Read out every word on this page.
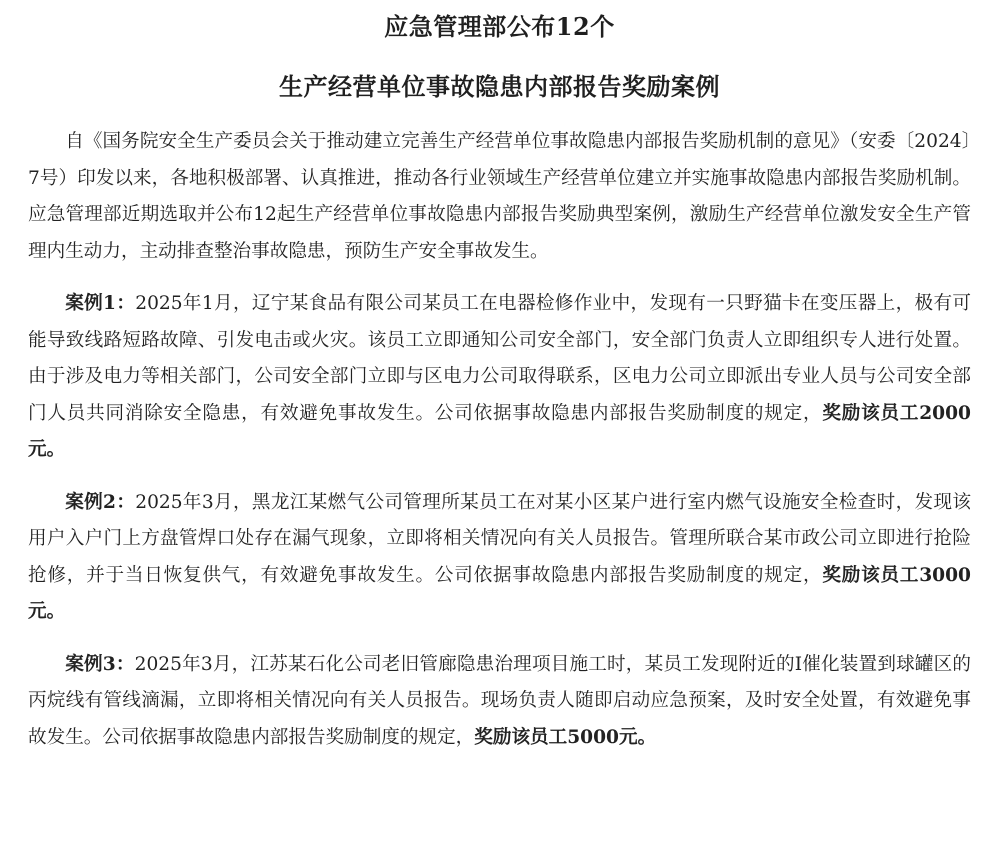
应急管理部公布12个
生产经营单位事故隐患内部报告奖励案例

自《国务院安全生产委员会关于推动建立完善生产经营单位事故隐患内部报告奖励机制的意见》（安委〔2024〕7号）印发以来，各地积极部署、认真推进，推动各行业领域生产经营单位建立并实施事故隐患内部报告奖励机制。应急管理部近期选取并公布12起生产经营单位事故隐患内部报告奖励典型案例，激励生产经营单位激发安全生产管理内生动力，主动排查整治事故隐患，预防生产安全事故发生。

案例1：2025年1月，辽宁某食品有限公司某员工在电器检修作业中，发现有一只野猫卡在变压器上，极有可能导致线路短路故障、引发电击或火灾。该员工立即通知公司安全部门，安全部门负责人立即组织专人进行处置。由于涉及电力等相关部门，公司安全部门立即与区电力公司取得联系，区电力公司立即派出专业人员与公司安全部门人员共同消除安全隐患，有效避免事故发生。公司依据事故隐患内部报告奖励制度的规定，奖励该员工2000元。

案例2：2025年3月，黑龙江某燃气公司管理所某员工在对某小区某户进行室内燃气设施安全检查时，发现该用户入户门上方盘管焊口处存在漏气现象，立即将相关情况向有关人员报告。管理所联合某市政公司立即进行抢险抢修，并于当日恢复供气，有效避免事故发生。公司依据事故隐患内部报告奖励制度的规定，奖励该员工3000元。

案例3：2025年3月，江苏某石化公司老旧管廊隐患治理项目施工时，某员工发现附近的I催化装置到球罐区的丙烷线有管线滴漏，立即将相关情况向有关人员报告。现场负责人随即启动应急预案，及时安全处置，有效避免事故发生。公司依据事故隐患内部报告奖励制度的规定，奖励该员工5000元。
